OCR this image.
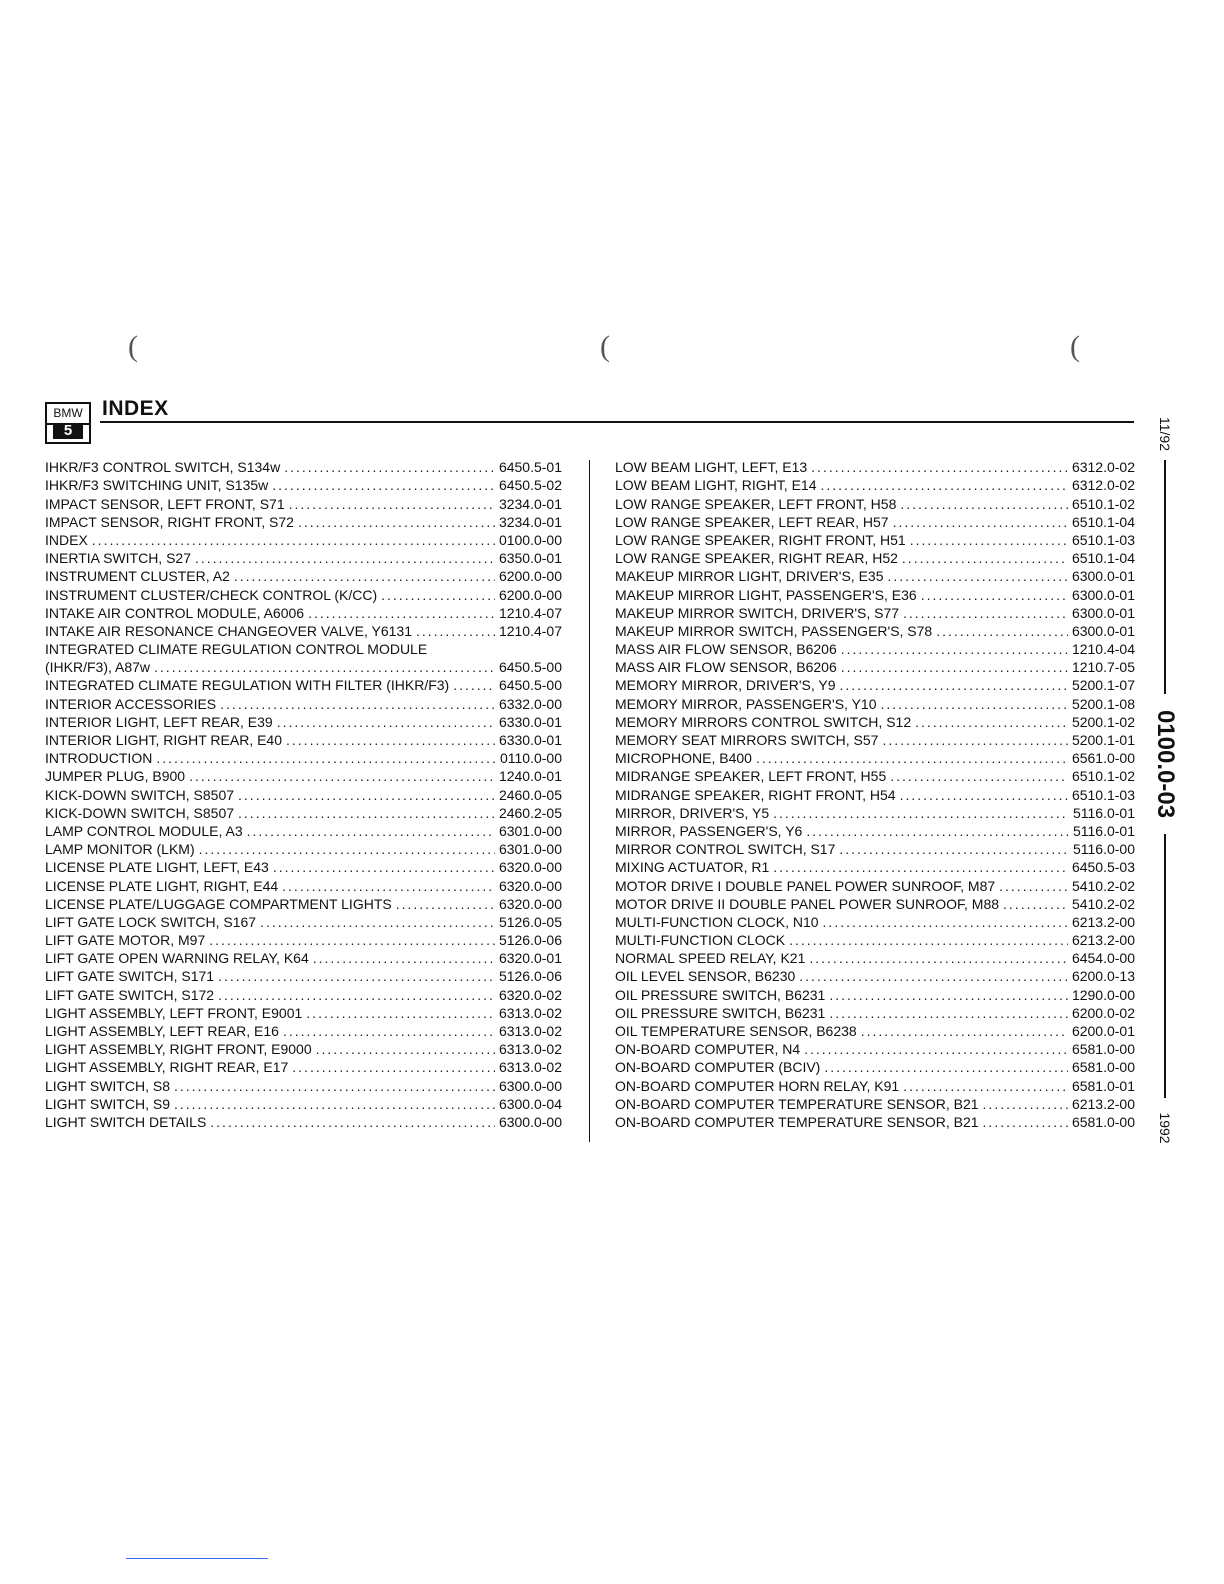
(	(	(
BMW
5
INDEX
IHKR/F3 CONTROL SWITCH, S134w .....	6450.5-01
IHKR/F3 SWITCHING UNIT, S135w .....	6450.5-02
IMPACT SENSOR, LEFT FRONT, S71 .....	3234.0-01
IMPACT SENSOR, RIGHT FRONT, S72 .....	3234.0-01
INDEX .....	0100.0-00
INERTIA SWITCH, S27 .....	6350.0-01
INSTRUMENT CLUSTER, A2 .....	6200.0-00
INSTRUMENT CLUSTER/CHECK CONTROL (K/CC) .....	6200.0-00
INTAKE AIR CONTROL MODULE, A6006 .....	1210.4-07
INTAKE AIR RESONANCE CHANGEOVER VALVE, Y6131 .....	1210.4-07
INTEGRATED CLIMATE REGULATION CONTROL MODULE
(IHKR/F3), A87w .....	6450.5-00
INTEGRATED CLIMATE REGULATION WITH FILTER (IHKR/F3) .....	6450.5-00
INTERIOR ACCESSORIES .....	6332.0-00
INTERIOR LIGHT, LEFT REAR, E39 .....	6330.0-01
INTERIOR LIGHT, RIGHT REAR, E40 .....	6330.0-01
INTRODUCTION .....	0110.0-00
JUMPER PLUG, B900 .....	1240.0-01
KICK-DOWN SWITCH, S8507 .....	2460.0-05
KICK-DOWN SWITCH, S8507 .....	2460.2-05
LAMP CONTROL MODULE, A3 .....	6301.0-00
LAMP MONITOR (LKM) .....	6301.0-00
LICENSE PLATE LIGHT, LEFT, E43 .....	6320.0-00
LICENSE PLATE LIGHT, RIGHT, E44 .....	6320.0-00
LICENSE PLATE/LUGGAGE COMPARTMENT LIGHTS .....	6320.0-00
LIFT GATE LOCK SWITCH, S167 .....	5126.0-05
LIFT GATE MOTOR, M97 .....	5126.0-06
LIFT GATE OPEN WARNING RELAY, K64 .....	6320.0-01
LIFT GATE SWITCH, S171 .....	5126.0-06
LIFT GATE SWITCH, S172 .....	6320.0-02
LIGHT ASSEMBLY, LEFT FRONT, E9001 .....	6313.0-02
LIGHT ASSEMBLY, LEFT REAR, E16 .....	6313.0-02
LIGHT ASSEMBLY, RIGHT FRONT, E9000 .....	6313.0-02
LIGHT ASSEMBLY, RIGHT REAR, E17 .....	6313.0-02
LIGHT SWITCH, S8 .....	6300.0-00
LIGHT SWITCH, S9 .....	6300.0-04
LIGHT SWITCH DETAILS .....	6300.0-00
LOW BEAM LIGHT, LEFT, E13 .....	6312.0-02
LOW BEAM LIGHT, RIGHT, E14 .....	6312.0-02
LOW RANGE SPEAKER, LEFT FRONT, H58 .....	6510.1-02
LOW RANGE SPEAKER, LEFT REAR, H57 .....	6510.1-04
LOW RANGE SPEAKER, RIGHT FRONT, H51 .....	6510.1-03
LOW RANGE SPEAKER, RIGHT REAR, H52 .....	6510.1-04
MAKEUP MIRROR LIGHT, DRIVER'S, E35 .....	6300.0-01
MAKEUP MIRROR LIGHT, PASSENGER'S, E36 .....	6300.0-01
MAKEUP MIRROR SWITCH, DRIVER'S, S77 .....	6300.0-01
MAKEUP MIRROR SWITCH, PASSENGER'S, S78 .....	6300.0-01
MASS AIR FLOW SENSOR, B6206 .....	1210.4-04
MASS AIR FLOW SENSOR, B6206 .....	1210.7-05
MEMORY MIRROR, DRIVER'S, Y9 .....	5200.1-07
MEMORY MIRROR, PASSENGER'S, Y10 .....	5200.1-08
MEMORY MIRRORS CONTROL SWITCH, S12 .....	5200.1-02
MEMORY SEAT MIRRORS SWITCH, S57 .....	5200.1-01
MICROPHONE, B400 .....	6561.0-00
MIDRANGE SPEAKER, LEFT FRONT, H55 .....	6510.1-02
MIDRANGE SPEAKER, RIGHT FRONT, H54 .....	6510.1-03
MIRROR, DRIVER'S, Y5 .....	5116.0-01
MIRROR, PASSENGER'S, Y6 .....	5116.0-01
MIRROR CONTROL SWITCH, S17 .....	5116.0-00
MIXING ACTUATOR, R1 .....	6450.5-03
MOTOR DRIVE I DOUBLE PANEL POWER SUNROOF, M87 .....	5410.2-02
MOTOR DRIVE II DOUBLE PANEL POWER SUNROOF, M88 .....	5410.2-02
MULTI-FUNCTION CLOCK, N10 .....	6213.2-00
MULTI-FUNCTION CLOCK .....	6213.2-00
NORMAL SPEED RELAY, K21 .....	6454.0-00
OIL LEVEL SENSOR, B6230 .....	6200.0-13
OIL PRESSURE SWITCH, B6231 .....	1290.0-00
OIL PRESSURE SWITCH, B6231 .....	6200.0-02
OIL TEMPERATURE SENSOR, B6238 .....	6200.0-01
ON-BOARD COMPUTER, N4 .....	6581.0-00
ON-BOARD COMPUTER (BCIV) .....	6581.0-00
ON-BOARD COMPUTER HORN RELAY, K91 .....	6581.0-01
ON-BOARD COMPUTER TEMPERATURE SENSOR, B21 .....	6213.2-00
ON-BOARD COMPUTER TEMPERATURE SENSOR, B21 .....	6581.0-00
11/92
0100.0-03
1992
